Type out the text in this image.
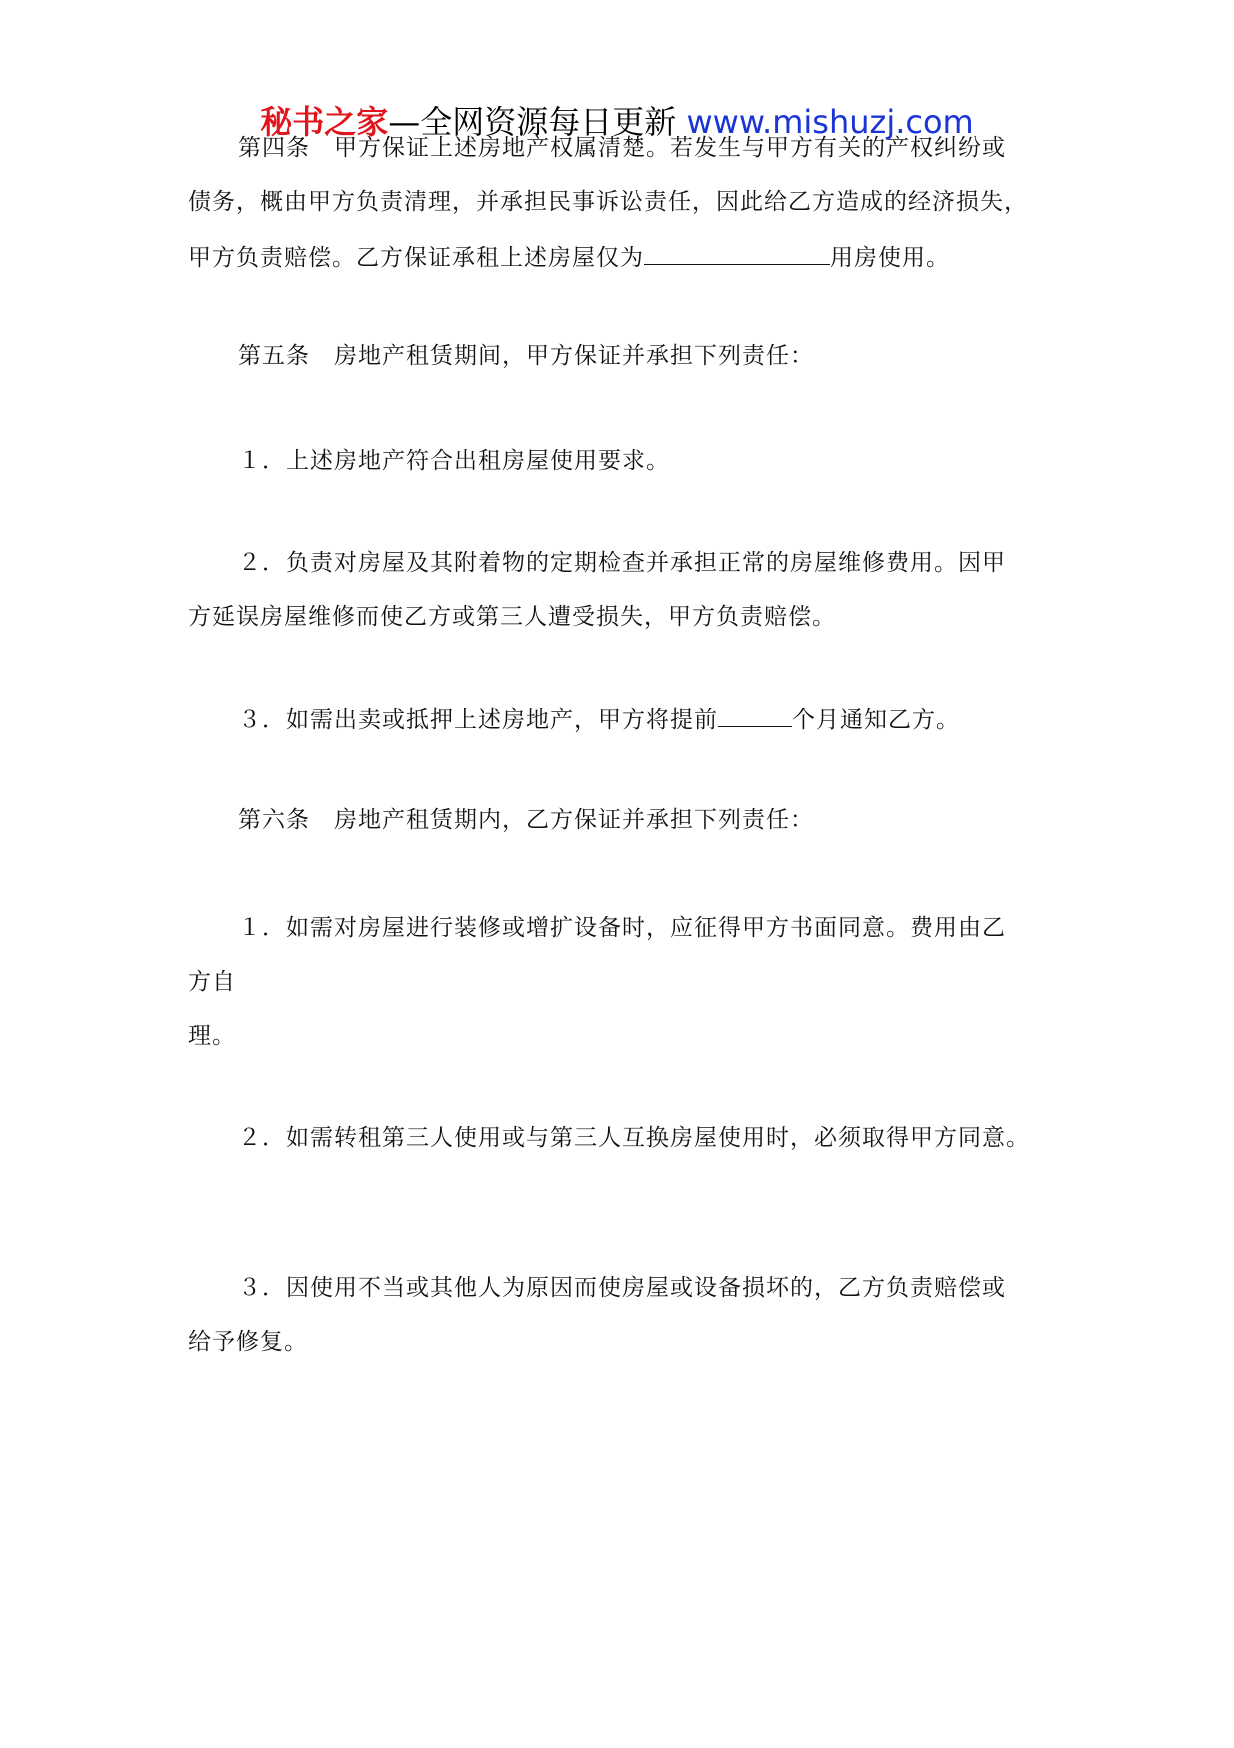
秘书之家—全网资源每日更新 www.mishuzj.com
第四条　甲方保证上述房地产权属清楚。若发生与甲方有关的产权纠纷或
债务，概由甲方负责清理，并承担民事诉讼责任，因此给乙方造成的经济损失，
甲方负责赔偿。乙方保证承租上述房屋仅为	用房使用。
第五条　房地产租赁期间，甲方保证并承担下列责任：
１．上述房地产符合出租房屋使用要求。
２．负责对房屋及其附着物的定期检查并承担正常的房屋维修费用。因甲
方延误房屋维修而使乙方或第三人遭受损失，甲方负责赔偿。
３．如需出卖或抵押上述房地产，甲方将提前	个月通知乙方。
第六条　房地产租赁期内，乙方保证并承担下列责任：
１．如需对房屋进行装修或增扩设备时，应征得甲方书面同意。费用由乙
方自
理。
２．如需转租第三人使用或与第三人互换房屋使用时，必须取得甲方同意。
３．因使用不当或其他人为原因而使房屋或设备损坏的，乙方负责赔偿或
给予修复。
